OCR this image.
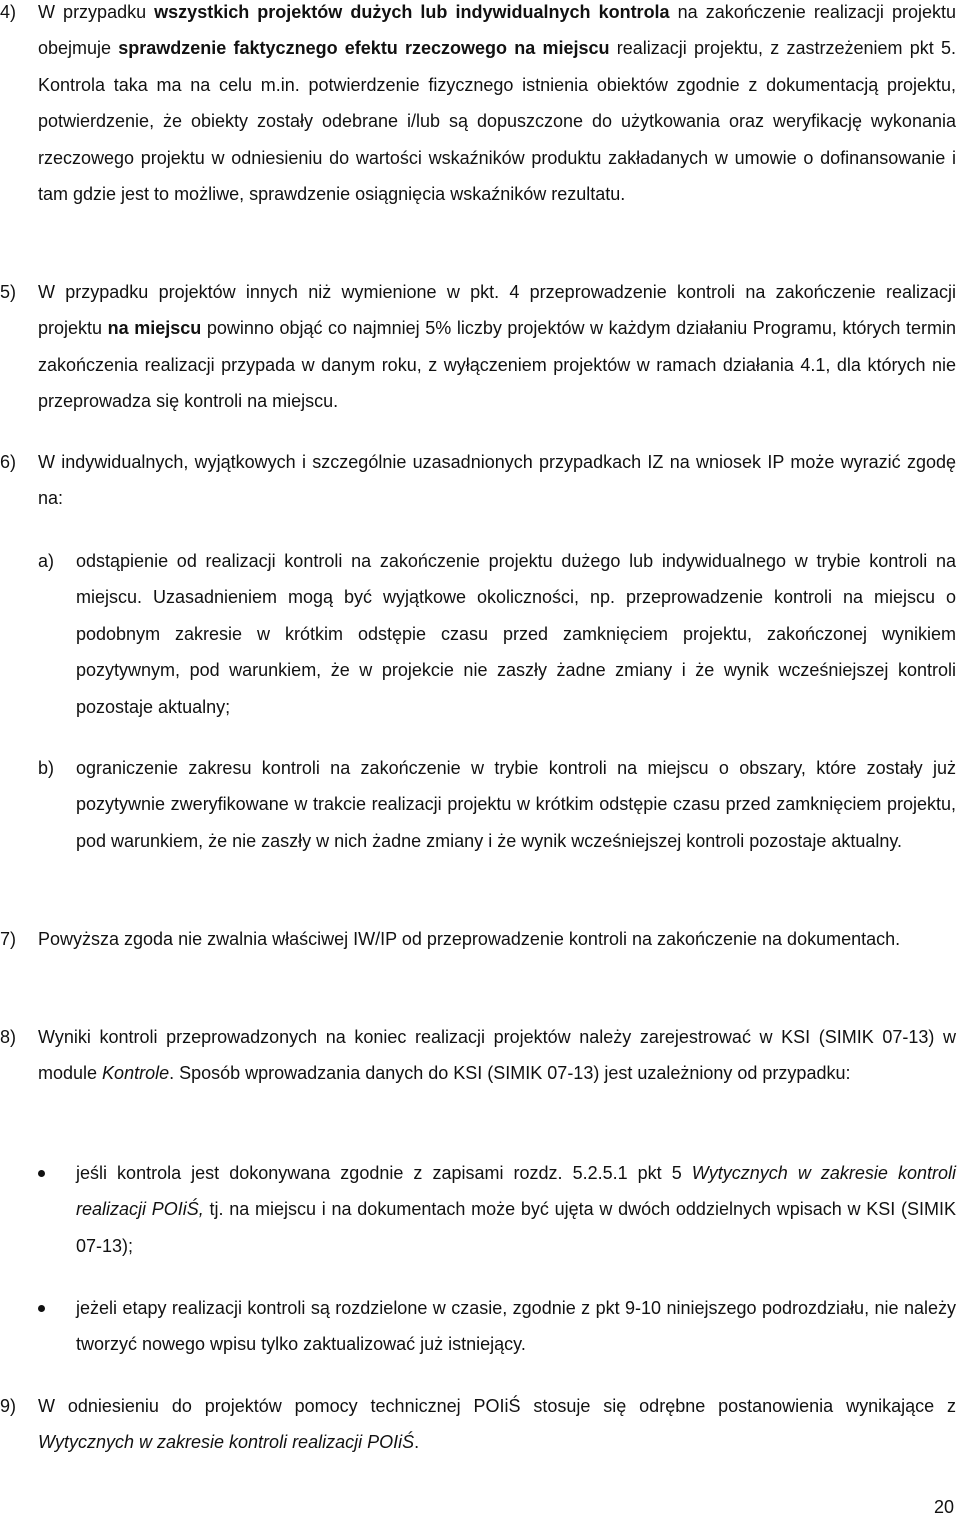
4) W przypadku wszystkich projektów dużych lub indywidualnych kontrola na zakończenie realizacji projektu obejmuje sprawdzenie faktycznego efektu rzeczowego na miejscu realizacji projektu, z zastrzeżeniem pkt 5. Kontrola taka ma na celu m.in. potwierdzenie fizycznego istnienia obiektów zgodnie z dokumentacją projektu, potwierdzenie, że obiekty zostały odebrane i/lub są dopuszczone do użytkowania oraz weryfikację wykonania rzeczowego projektu w odniesieniu do wartości wskaźników produktu zakładanych w umowie o dofinansowanie i tam gdzie jest to możliwe, sprawdzenie osiągnięcia wskaźników rezultatu.

5) W przypadku projektów innych niż wymienione w pkt. 4 przeprowadzenie kontroli na zakończenie realizacji projektu na miejscu powinno objąć co najmniej 5% liczby projektów w każdym działaniu Programu, których termin zakończenia realizacji przypada w danym roku, z wyłączeniem projektów w ramach działania 4.1, dla których nie przeprowadza się kontroli na miejscu.

6) W indywidualnych, wyjątkowych i szczególnie uzasadnionych przypadkach IZ na wniosek IP może wyrazić zgodę na:

a) odstąpienie od realizacji kontroli na zakończenie projektu dużego lub indywidualnego w trybie kontroli na miejscu. Uzasadnieniem mogą być wyjątkowe okoliczności, np. przeprowadzenie kontroli na miejscu o podobnym zakresie w krótkim odstępie czasu przed zamknięciem projektu, zakończonej wynikiem pozytywnym, pod warunkiem, że w projekcie nie zaszły żadne zmiany i że wynik wcześniejszej kontroli pozostaje aktualny;

b) ograniczenie zakresu kontroli na zakończenie w trybie kontroli na miejscu o obszary, które zostały już pozytywnie zweryfikowane w trakcie realizacji projektu w krótkim odstępie czasu przed zamknięciem projektu, pod warunkiem, że nie zaszły w nich żadne zmiany i że wynik wcześniejszej kontroli pozostaje aktualny.

7) Powyższa zgoda nie zwalnia właściwej IW/IP od przeprowadzenie kontroli na zakończenie na dokumentach.

8) Wyniki kontroli przeprowadzonych na koniec realizacji projektów należy zarejestrować w KSI (SIMIK 07-13) w module Kontrole. Sposób wprowadzania danych do KSI (SIMIK 07-13) jest uzależniony od przypadku:

jeśli kontrola jest dokonywana zgodnie z zapisami rozdz. 5.2.5.1 pkt 5 Wytycznych w zakresie kontroli realizacji POIiŚ, tj. na miejscu i na dokumentach może być ujęta w dwóch oddzielnych wpisach w KSI (SIMIK 07-13);

jeżeli etapy realizacji kontroli są rozdzielone w czasie, zgodnie z pkt 9-10 niniejszego podrozdziału, nie należy tworzyć nowego wpisu tylko zaktualizować już istniejący.

9) W odniesieniu do projektów pomocy technicznej POIiŚ stosuje się odrębne postanowienia wynikające z Wytycznych w zakresie kontroli realizacji POIiŚ.

20
